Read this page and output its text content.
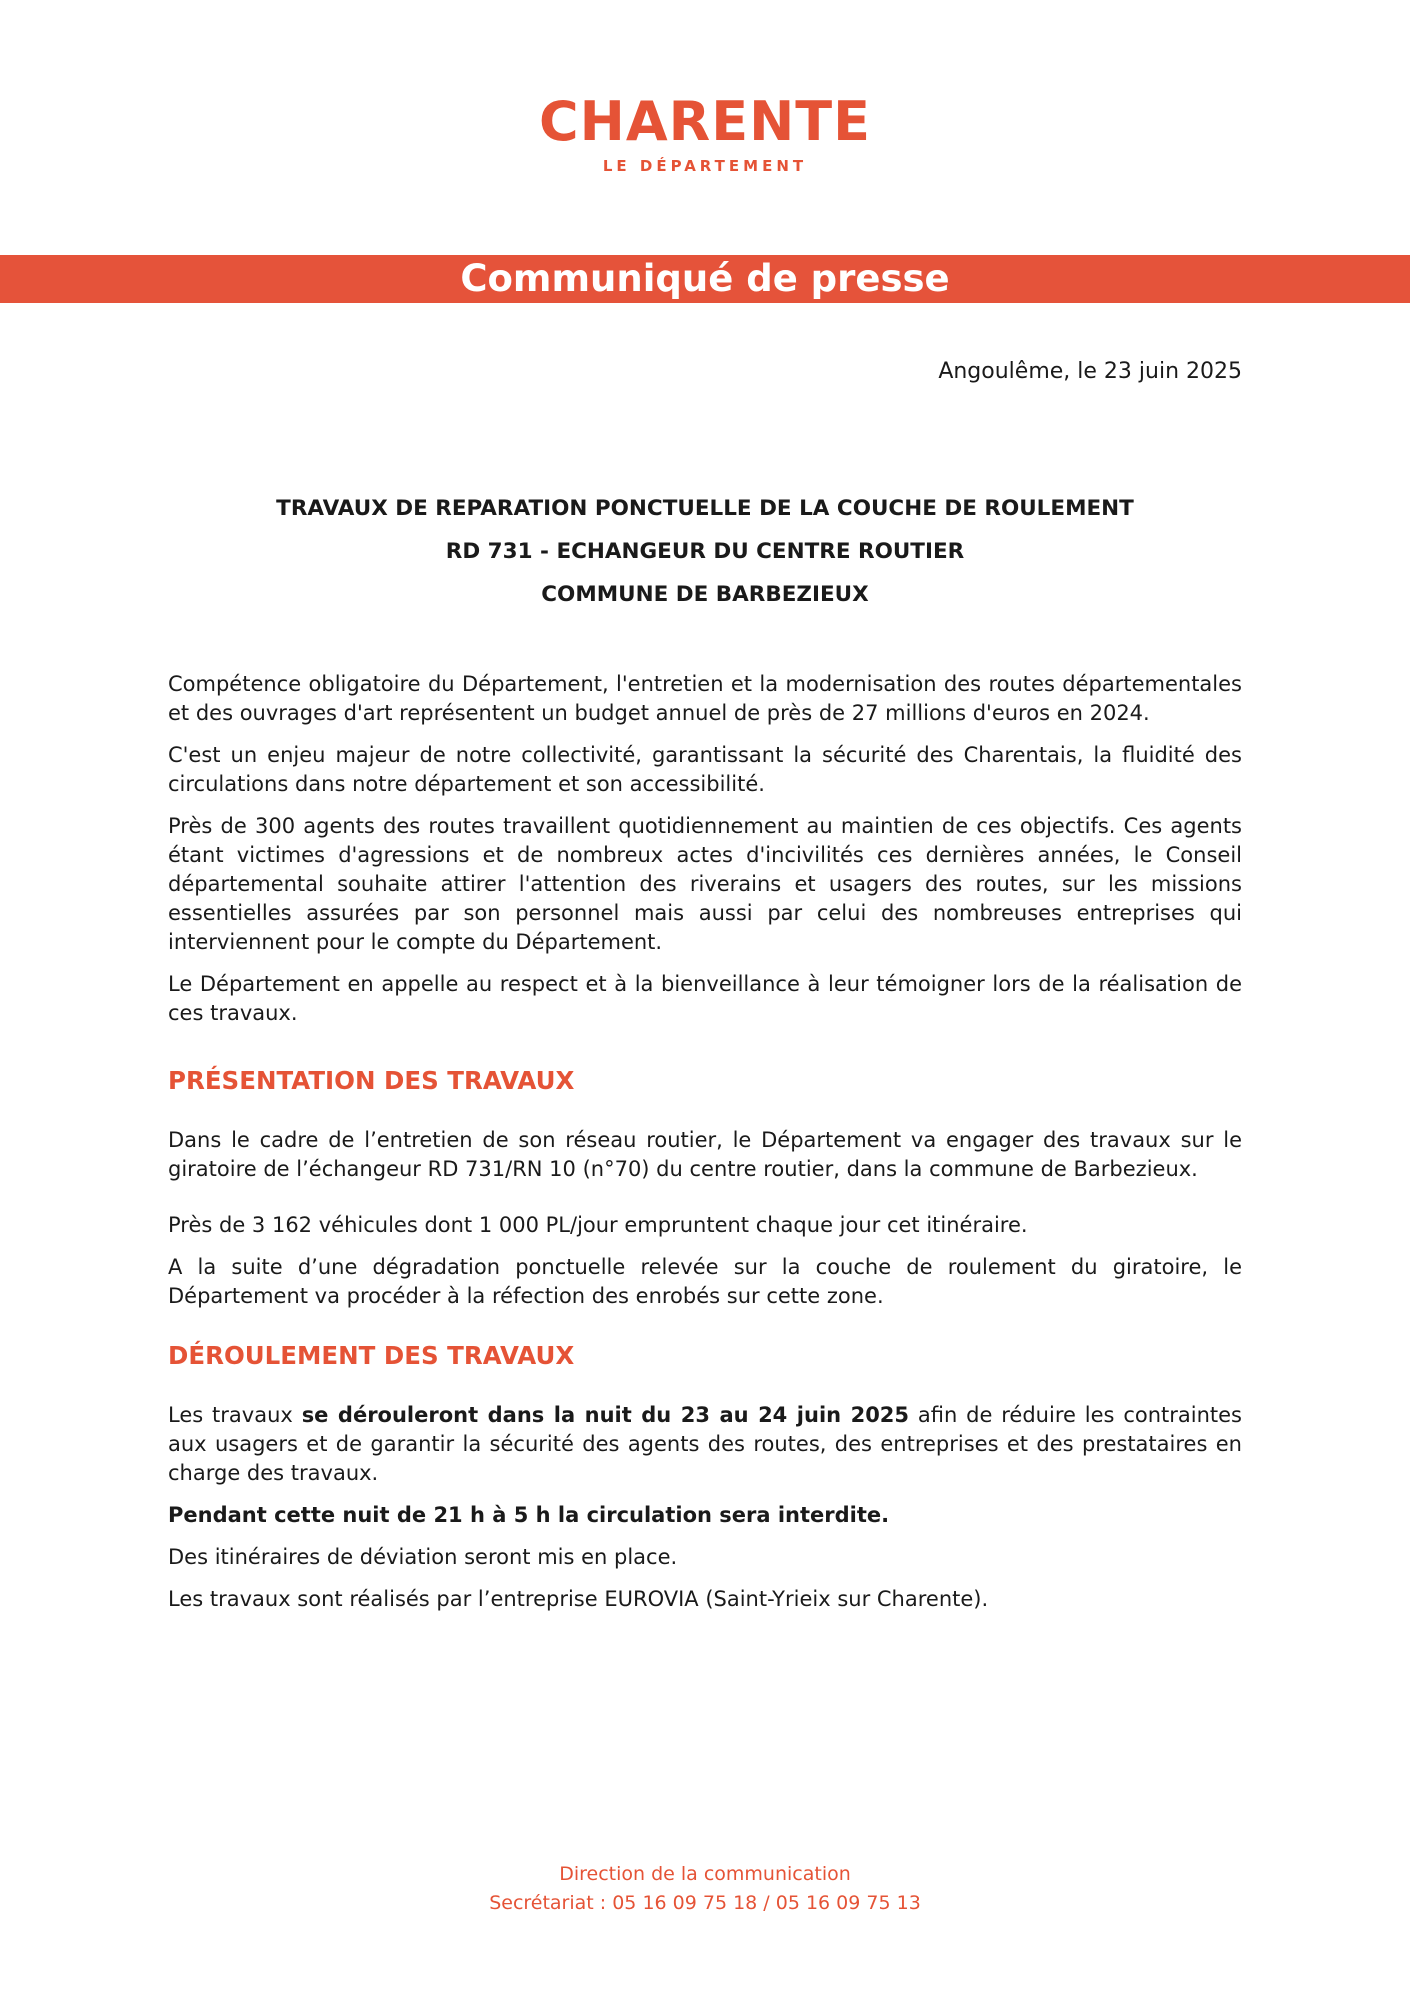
CHARENTE
LE DÉPARTEMENT
Communiqué de presse
Angoulême, le 23 juin 2025
TRAVAUX DE REPARATION PONCTUELLE DE LA COUCHE DE ROULEMENT
RD 731 - ECHANGEUR DU CENTRE ROUTIER
COMMUNE DE BARBEZIEUX

Compétence obligatoire du Département, l'entretien et la modernisation des routes départementales et des ouvrages d'art représentent un budget annuel de près de 27 millions d'euros en 2024.

C'est un enjeu majeur de notre collectivité, garantissant la sécurité des Charentais, la fluidité des circulations dans notre département et son accessibilité.

Près de 300 agents des routes travaillent quotidiennement au maintien de ces objectifs. Ces agents étant victimes d'agressions et de nombreux actes d'incivilités ces dernières années, le Conseil départemental souhaite attirer l'attention des riverains et usagers des routes, sur les missions essentielles assurées par son personnel mais aussi par celui des nombreuses entreprises qui interviennent pour le compte du Département.

Le Département en appelle au respect et à la bienveillance à leur témoigner lors de la réalisation de ces travaux.

PRÉSENTATION DES TRAVAUX

Dans le cadre de l’entretien de son réseau routier, le Département va engager des travaux sur le giratoire de l’échangeur RD 731/RN 10 (n°70) du centre routier, dans la commune de Barbezieux.

Près de 3 162 véhicules dont 1 000 PL/jour empruntent chaque jour cet itinéraire.

A la suite d’une dégradation ponctuelle relevée sur la couche de roulement du giratoire, le Département va procéder à la réfection des enrobés sur cette zone.

DÉROULEMENT DES TRAVAUX

Les travaux se dérouleront dans la nuit du 23 au 24 juin 2025 afin de réduire les contraintes aux usagers et de garantir la sécurité des agents des routes, des entreprises et des prestataires en charge des travaux.

Pendant cette nuit de 21 h à 5 h la circulation sera interdite.

Des itinéraires de déviation seront mis en place.

Les travaux sont réalisés par l’entreprise EUROVIA (Saint-Yrieix sur Charente).

Direction de la communication
Secrétariat : 05 16 09 75 18 / 05 16 09 75 13
